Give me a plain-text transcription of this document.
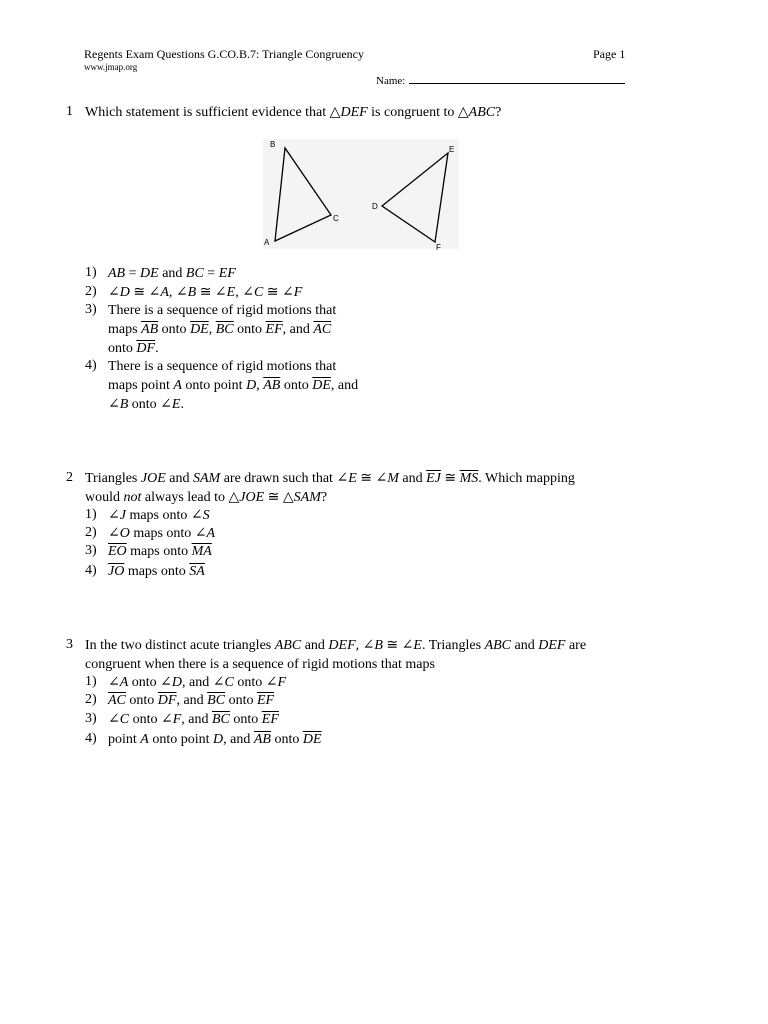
Regents Exam Questions G.CO.B.7: Triangle Congruency
www.jmap.org
Page 1
Name:
1 Which statement is sufficient evidence that △DEF is congruent to △ABC?
A
B
C
D
E
F
1) AB = DE and BC = EF
2) ∠D ≅ ∠A, ∠B ≅ ∠E, ∠C ≅ ∠F
3) There is a sequence of rigid motions that
maps $\overline{AB}$ onto $\overline{DE}$, $\overline{BC}$ onto $\overline{EF}$, and $\overline{AC}$
onto $\overline{DF}$.
4) There is a sequence of rigid motions that
maps point A onto point D, $\overline{AB}$ onto $\overline{DE}$, and
∠B onto ∠E.
2 Triangles JOE and SAM are drawn such that ∠E ≅ ∠M and $\overline{EJ}$ ≅ $\overline{MS}$. Which mapping
would not always lead to △JOE ≅ △SAM?
1) ∠J maps onto ∠S
2) ∠O maps onto ∠A
3) $\overline{EO}$ maps onto $\overline{MA}$
4) $\overline{JO}$ maps onto $\overline{SA}$
3 In the two distinct acute triangles ABC and DEF, ∠B ≅ ∠E. Triangles ABC and DEF are
congruent when there is a sequence of rigid motions that maps
1) ∠A onto ∠D, and ∠C onto ∠F
2) $\overline{AC}$ onto $\overline{DF}$, and $\overline{BC}$ onto $\overline{EF}$
3) ∠C onto ∠F, and $\overline{BC}$ onto $\overline{EF}$
4) point A onto point D, and $\overline{AB}$ onto $\overline{DE}$
